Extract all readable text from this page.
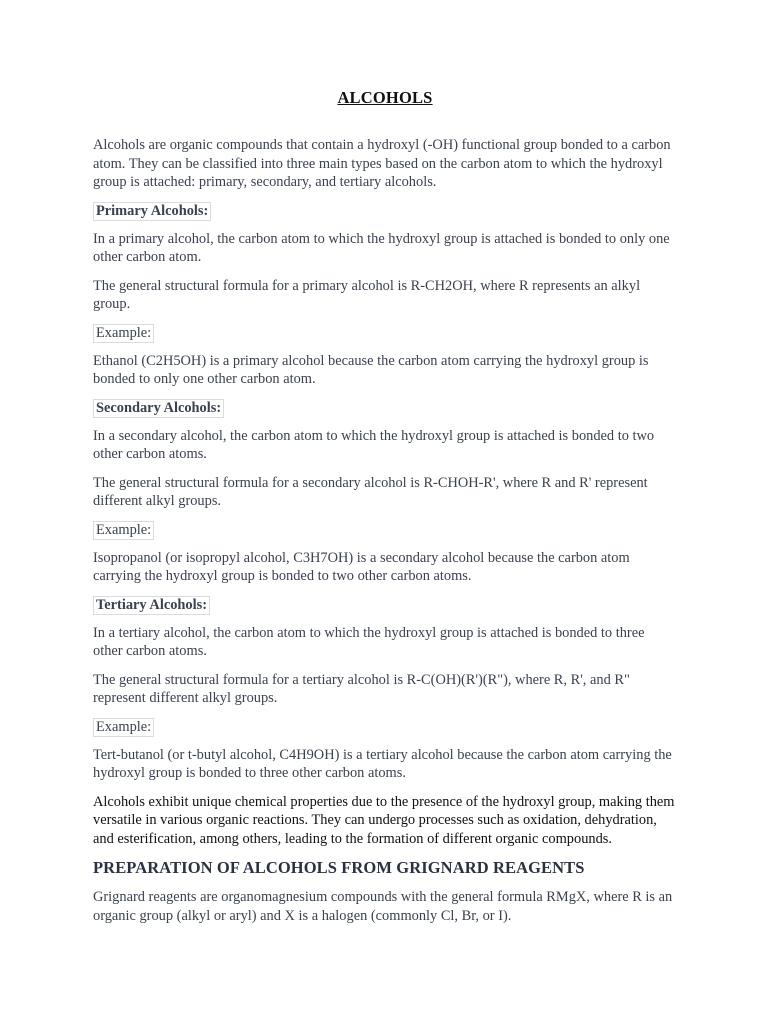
ALCOHOLS

Alcohols are organic compounds that contain a hydroxyl (-OH) functional group bonded to a carbon atom. They can be classified into three main types based on the carbon atom to which the hydroxyl group is attached: primary, secondary, and tertiary alcohols.

Primary Alcohols:

In a primary alcohol, the carbon atom to which the hydroxyl group is attached is bonded to only one other carbon atom.

The general structural formula for a primary alcohol is R-CH2OH, where R represents an alkyl group.

Example:

Ethanol (C2H5OH) is a primary alcohol because the carbon atom carrying the hydroxyl group is bonded to only one other carbon atom.

Secondary Alcohols:

In a secondary alcohol, the carbon atom to which the hydroxyl group is attached is bonded to two other carbon atoms.

The general structural formula for a secondary alcohol is R-CHOH-R', where R and R' represent different alkyl groups.

Example:

Isopropanol (or isopropyl alcohol, C3H7OH) is a secondary alcohol because the carbon atom carrying the hydroxyl group is bonded to two other carbon atoms.

Tertiary Alcohols:

In a tertiary alcohol, the carbon atom to which the hydroxyl group is attached is bonded to three other carbon atoms.

The general structural formula for a tertiary alcohol is R-C(OH)(R')(R"), where R, R', and R" represent different alkyl groups.

Example:

Tert-butanol (or t-butyl alcohol, C4H9OH) is a tertiary alcohol because the carbon atom carrying the hydroxyl group is bonded to three other carbon atoms.

Alcohols exhibit unique chemical properties due to the presence of the hydroxyl group, making them versatile in various organic reactions. They can undergo processes such as oxidation, dehydration, and esterification, among others, leading to the formation of different organic compounds.

PREPARATION OF ALCOHOLS FROM GRIGNARD REAGENTS

Grignard reagents are organomagnesium compounds with the general formula RMgX, where R is an organic group (alkyl or aryl) and X is a halogen (commonly Cl, Br, or I).
